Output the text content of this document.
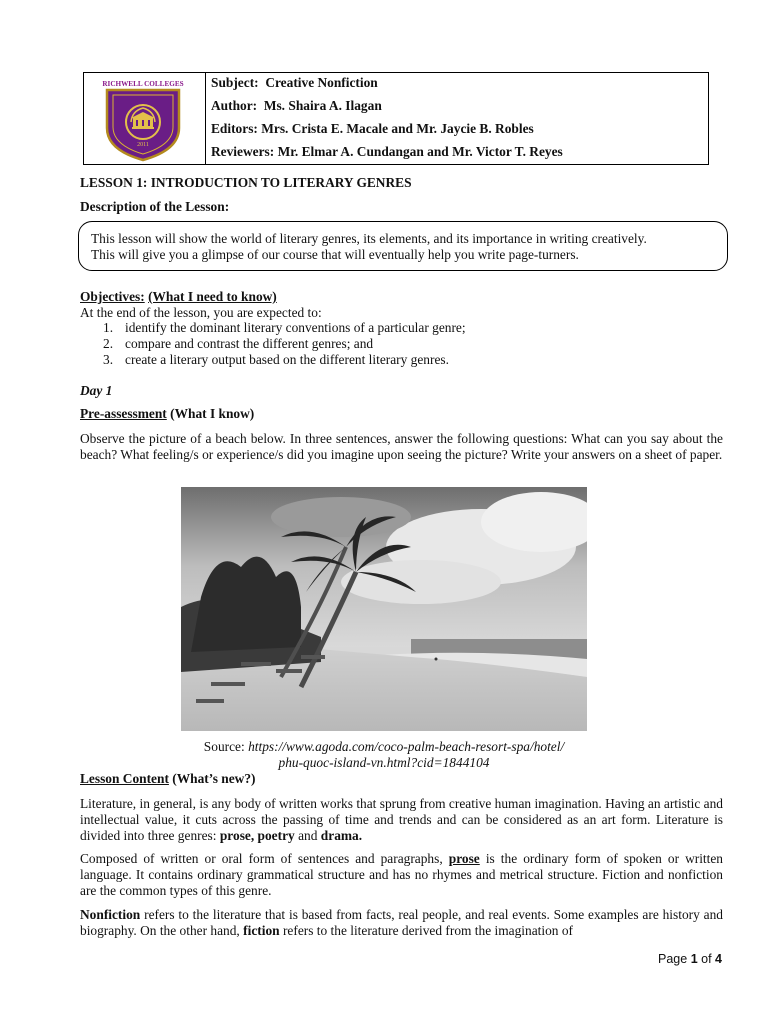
RICHWELL COLLEGES
2011
Subject: Creative Nonfiction
Author: Ms. Shaira A. Ilagan
Editors: Mrs. Crista E. Macale and Mr. Jaycie B. Robles
Reviewers: Mr. Elmar A. Cundangan and Mr. Victor T. Reyes
LESSON 1: INTRODUCTION TO LITERARY GENRES
Description of the Lesson:
This lesson will show the world of literary genres, its elements, and its importance in writing creatively.
This will give you a glimpse of our course that will eventually help you write page-turners.
Objectives: (What I need to know)
At the end of the lesson, you are expected to:
1. identify the dominant literary conventions of a particular genre;
2. compare and contrast the different genres; and
3. create a literary output based on the different literary genres.
Day 1
Pre-assessment (What I know)
Observe the picture of a beach below. In three sentences, answer the following questions: What can you say about the beach? What feeling/s or experience/s did you imagine upon seeing the picture? Write your answers on a sheet of paper.
Source: https://www.agoda.com/coco-palm-beach-resort-spa/hotel/
phu-quoc-island-vn.html?cid=1844104
Lesson Content (What’s new?)
Literature, in general, is any body of written works that sprung from creative human imagination. Having an artistic and intellectual value, it cuts across the passing of time and trends and can be considered as an art form. Literature is divided into three genres: prose, poetry and drama.
Composed of written or oral form of sentences and paragraphs, prose is the ordinary form of spoken or written language. It contains ordinary grammatical structure and has no rhymes and metrical structure. Fiction and nonfiction are the common types of this genre.
Nonfiction refers to the literature that is based from facts, real people, and real events. Some examples are history and biography. On the other hand, fiction refers to the literature derived from the imagination of
Page 1 of 4
